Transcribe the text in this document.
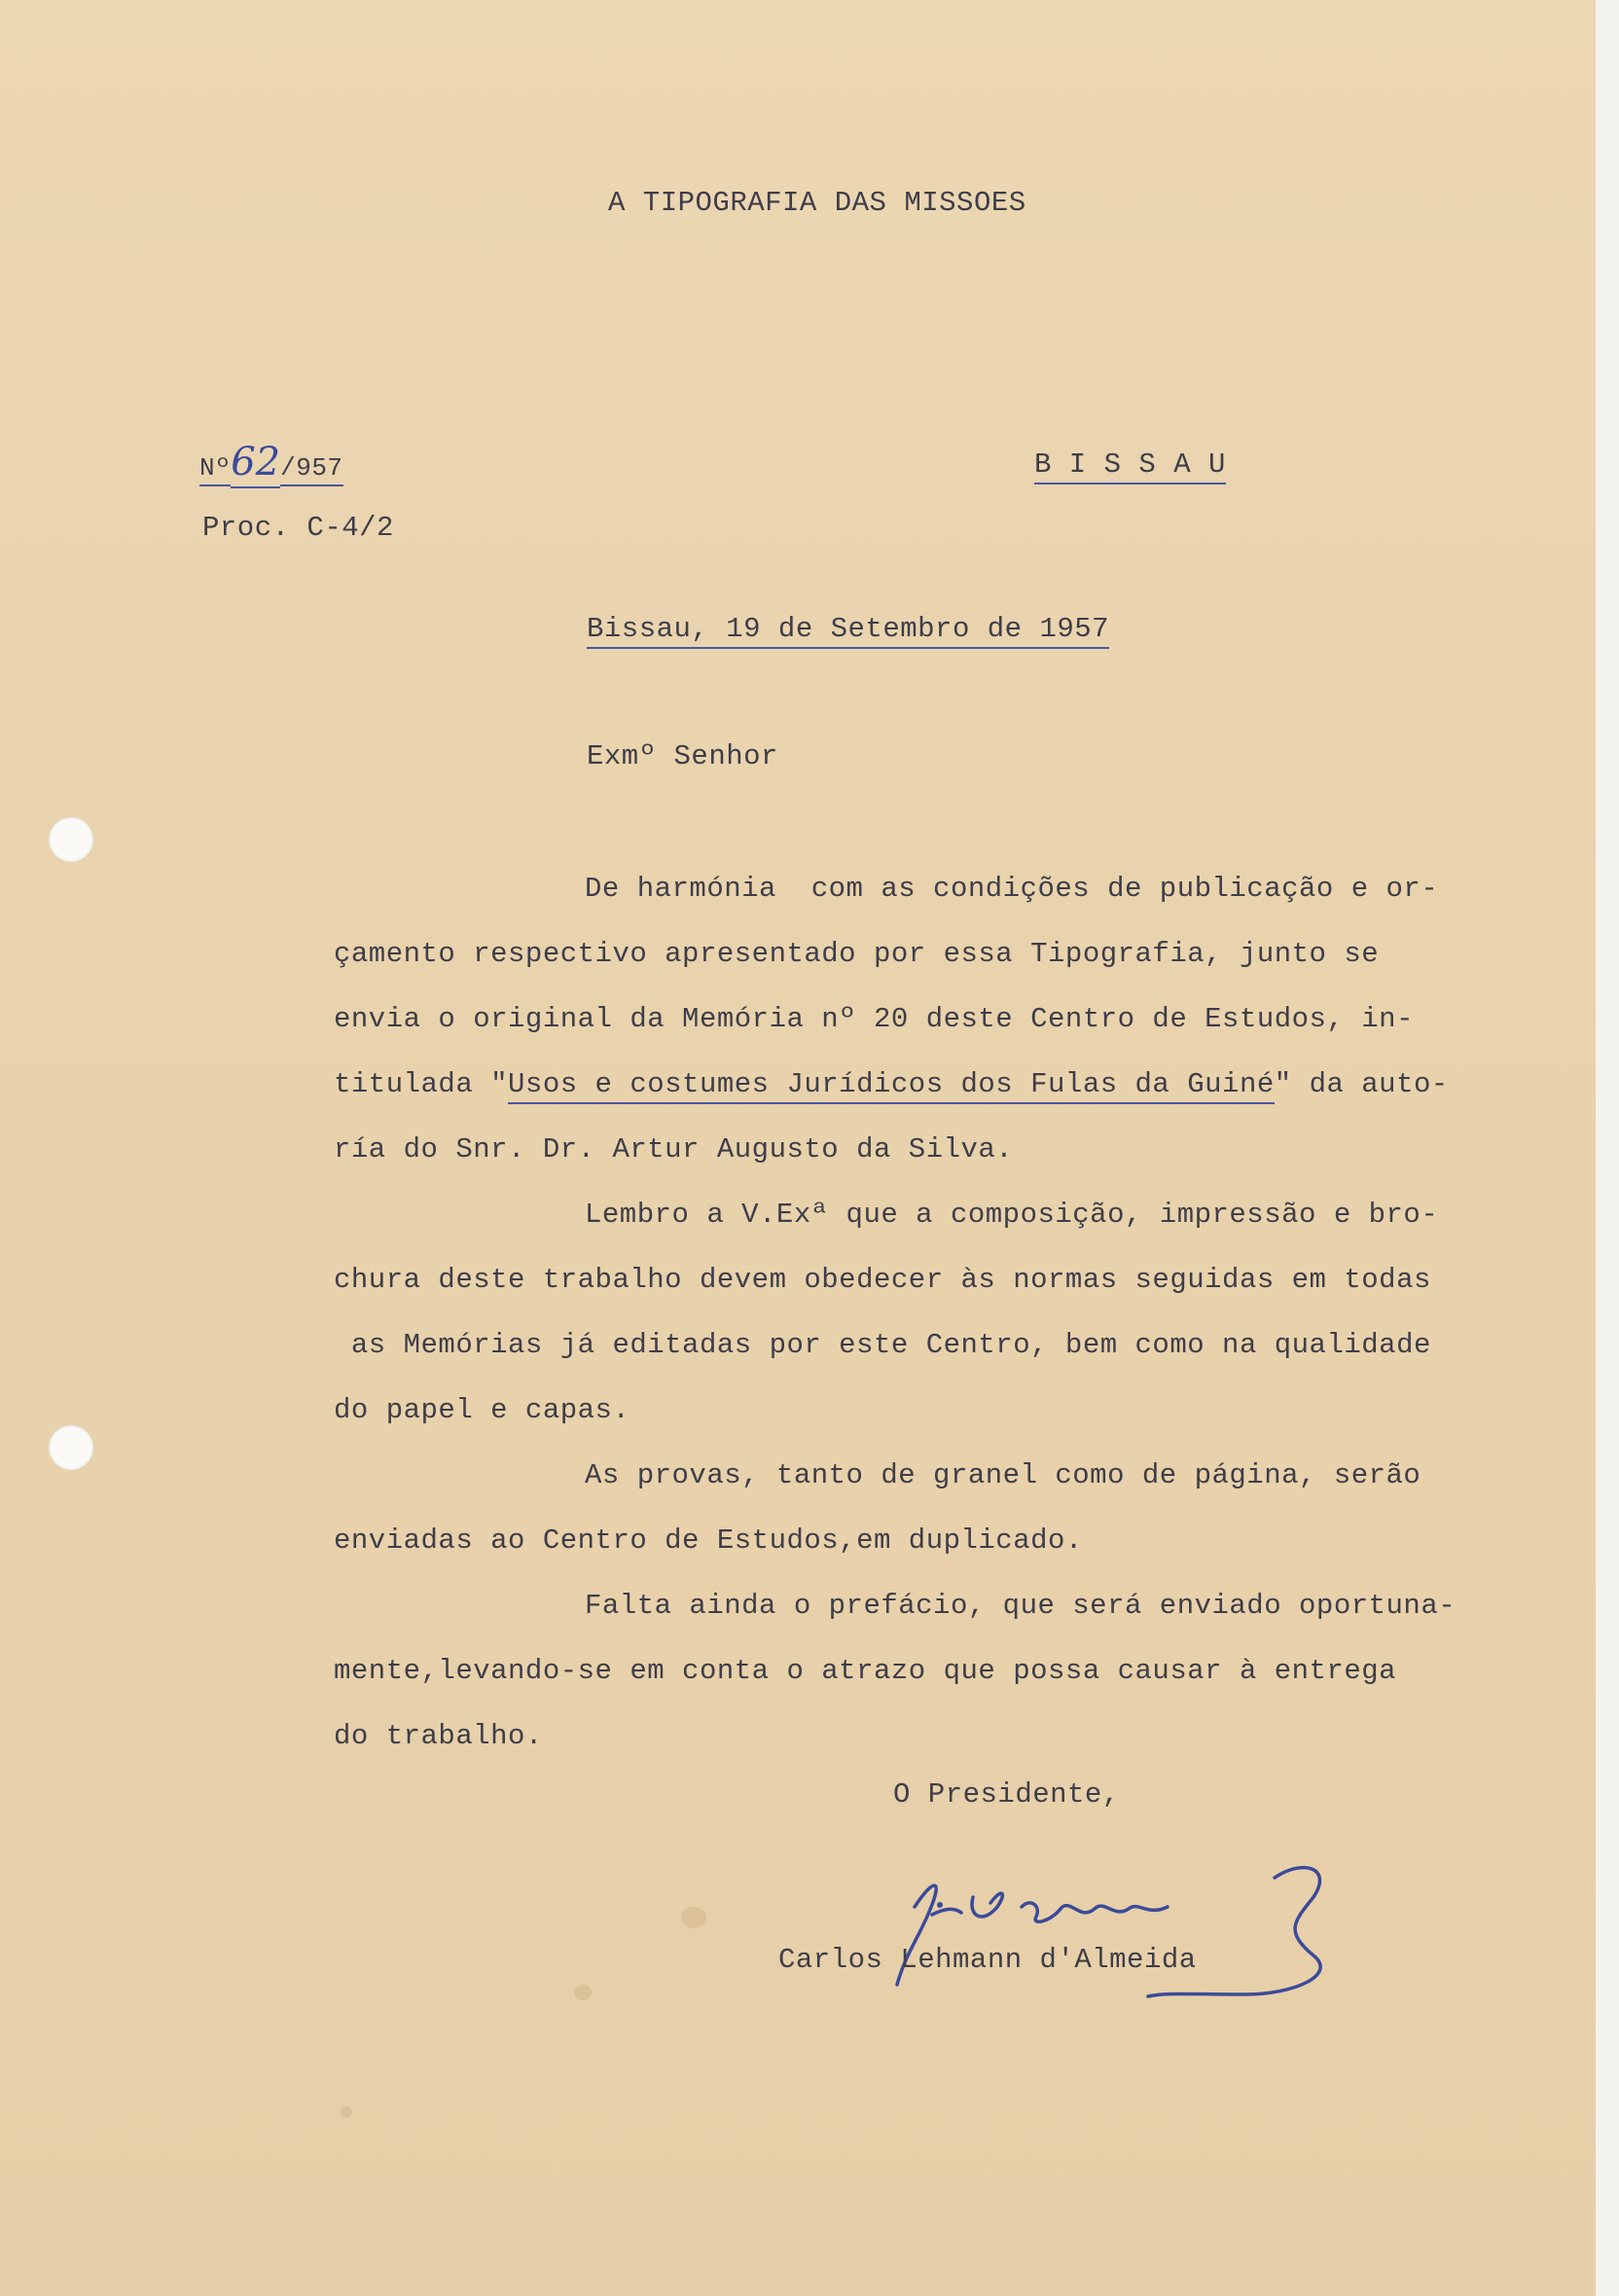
A TIPOGRAFIA DAS MISSOES
Nº62/957
Proc. C-4/2
B I S S A U
Bissau, 19 de Setembro de 1957
Exmº Senhor
De harmónia  com as condições de publicação e or-
çamento respectivo apresentado por essa Tipografia, junto se
envia o original da Memória nº 20 deste Centro de Estudos, in-
titulada "Usos e costumes Jurídicos dos Fulas da Guiné" da auto-
ría do Snr. Dr. Artur Augusto da Silva.
Lembro a V.Exª que a composição, impressão e bro-
chura deste trabalho devem obedecer às normas seguidas em todas
as Memórias já editadas por este Centro, bem como na qualidade
do papel e capas.
As provas, tanto de granel como de página, serão
enviadas ao Centro de Estudos,em duplicado.
Falta ainda o prefácio, que será enviado oportuna-
mente,levando-se em conta o atrazo que possa causar à entrega
do trabalho.
O Presidente,
Carlos Lehmann d'Almeida
